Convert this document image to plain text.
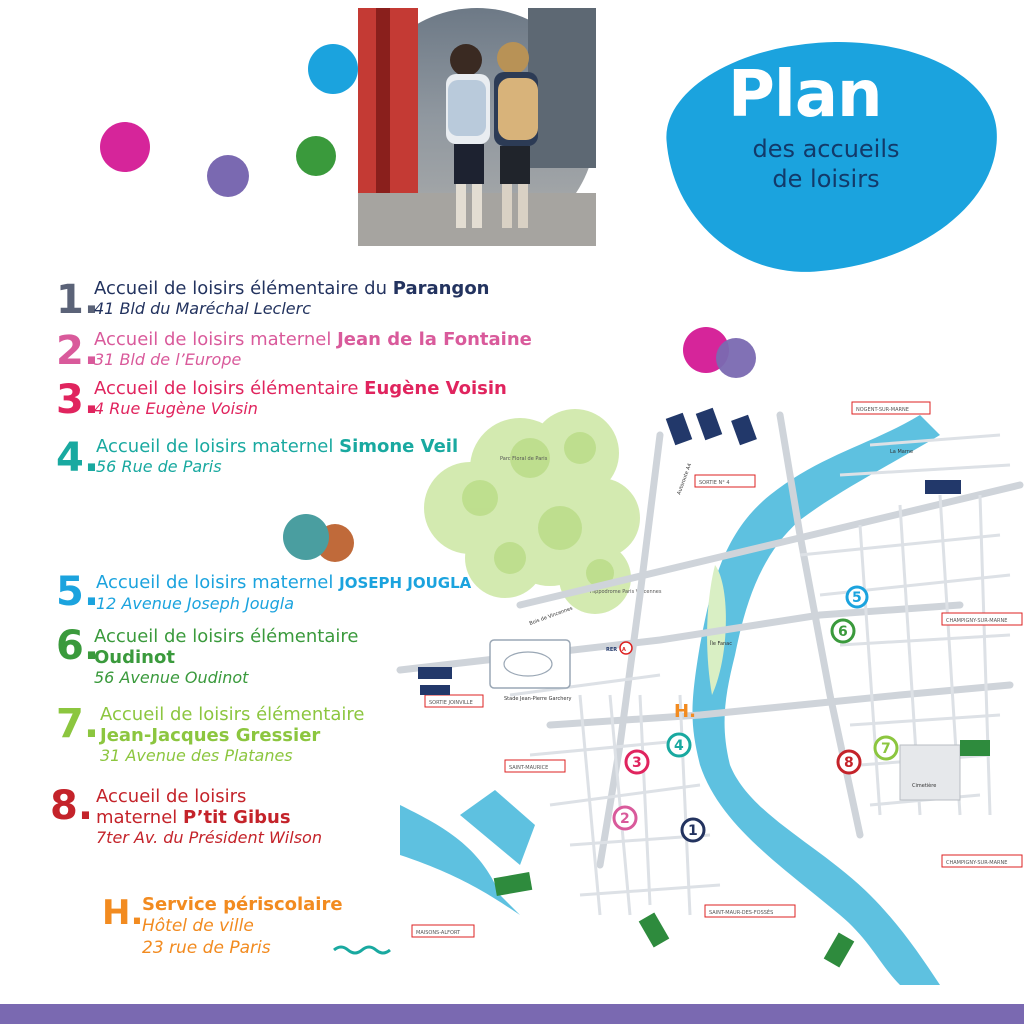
Plan
des accueils
de loisirs
1.
Accueil de loisirs élémentaire du Parangon
41 Bld du Maréchal Leclerc
2.
Accueil de loisirs maternel Jean de la Fontaine
31 Bld de l’Europe
3.
Accueil de loisirs élémentaire Eugène Voisin
4 Rue Eugène Voisin
4.
Accueil de loisirs maternel Simone Veil
56 Rue de Paris	Parc Floral de Paris
Hippodrome Paris Vincennes
5.
Accueil de loisirs maternel JOSEPH JOUGLA
12 Avenue Joseph Jougla
6.
Accueil de loisirs élémentaire
Oudinot
56 Avenue Oudinot
7. Accueil de loisirs élémentaire
Jean-Jacques Gressier
31 Avenue des Platanes
8. Accueil de loisirs
maternel P’tit Gibus
7ter Av. du Président Wilson
H.
Service périscolaire
Hôtel de ville
23 rue de Paris
Stade Jean-Pierre Garchery
Cimetière
Autoroute A4
La Marne
Île Fanac
Bois de Vincennes
NOGENT-SUR-MARNE
CHAMPIGNY-SUR-MARNE
CHAMPIGNY-SUR-MARNE
SAINT-MAUR-DES-FOSSÉS
SAINT-MAURICE
MAISONS-ALFORT
SORTIE N° 4
SORTIE JOINVILLE
A
RER
H.
1
2
3
4
5
6
7
8
